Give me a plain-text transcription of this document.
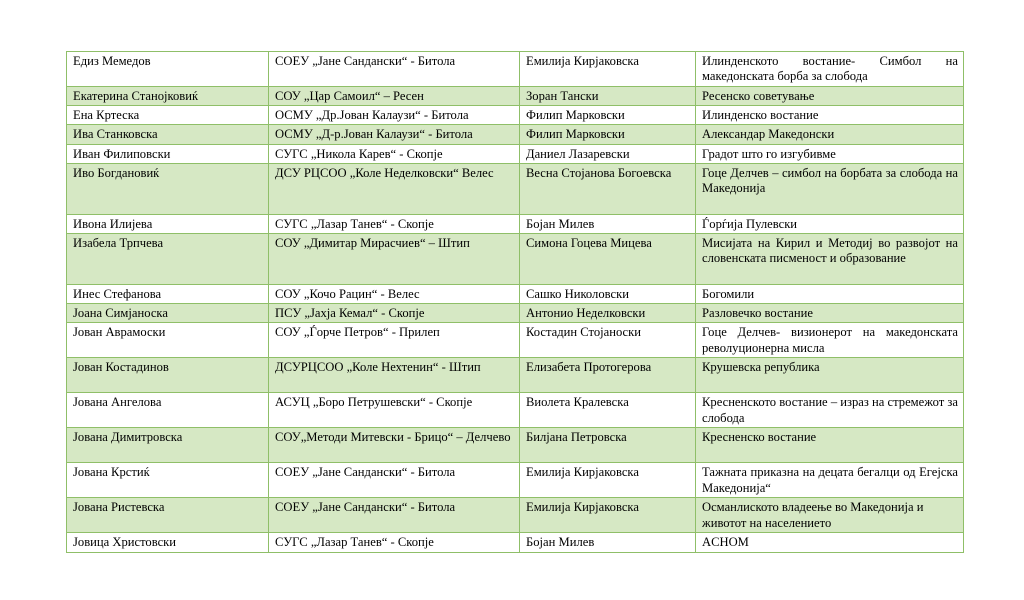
Едиз Мемедов	СОЕУ „Јане Сандански“ - Битола	Емилија Кирјаковска	Илинденското востание- Симбол на македонската борба за слобода
Екатерина Станојковиќ	СОУ „Цар Самоил“ – Ресен	Зоран Тански	Ресенско советување
Ена Кртеска	ОСМУ „Др.Јован Калаузи“ - Битола	Филип Марковски	Илинденско востание
Ива Станковска	ОСМУ „Д-р.Јован Калаузи“ - Битола	Филип Марковски	Александар Македонски
Иван Филиповски	СУГС „Никола Карев“ - Скопје	Даниел Лазаревски	Градот што го изгубивме
Иво Богдановиќ	ДСУ РЦСОО „Коле Неделковски“ Велес	Весна Стојанова Богоевска	Гоце Делчев – симбол на борбата за слобода на Македонија
Ивона Илијева	СУГС „Лазар Танев“ - Скопје	Бојан Милев	Ѓорѓија Пулевски
Изабела Трпчева	СОУ „Димитар Мирасчиев“ – Штип	Симона Гоцева Мицева	Мисијата на Кирил и Методиј во развојот на словенската писменост и образование
Инес Стефанова	СОУ „Кочо Рацин“ - Велес	Сашко Николовски	Богомили
Јоана Симјаноска	ПСУ „Јахја Кемал“ - Скопје	Антонио Неделковски	Разловечко востание
Јован Аврамоски	СОУ „Ѓорче Петров“ - Прилеп	Костадин Стојаноски	Гоце Делчев- визионерот на македонската револуционерна мисла
Јован Костадинов	ДСУРЦСОО „Коле Нехтенин“ - Штип	Елизабета Протогерова	Крушевска република
Јована Ангелова	АСУЦ „Боро Петрушевски“ - Скопје	Виолета Кралевска	Кресненското востание – израз на стремежот за слобода
Јована Димитровска	СОУ„Методи Митевски - Брицо“ – Делчево	Билјана Петровска	Кресненско востание
Јована Крстиќ	СОЕУ „Јане Сандански“ - Битола	Емилија Кирјаковска	Тажната приказна на децата бегалци од Егејска Македонија“
Јована Ристевска	СОЕУ „Јане Сандански“ - Битола	Емилија Кирјаковска	Османлиското владеење во Македонија и животот на населението
Јовица Христовски	СУГС „Лазар Танев“ - Скопје	Бојан Милев	ACHOM
